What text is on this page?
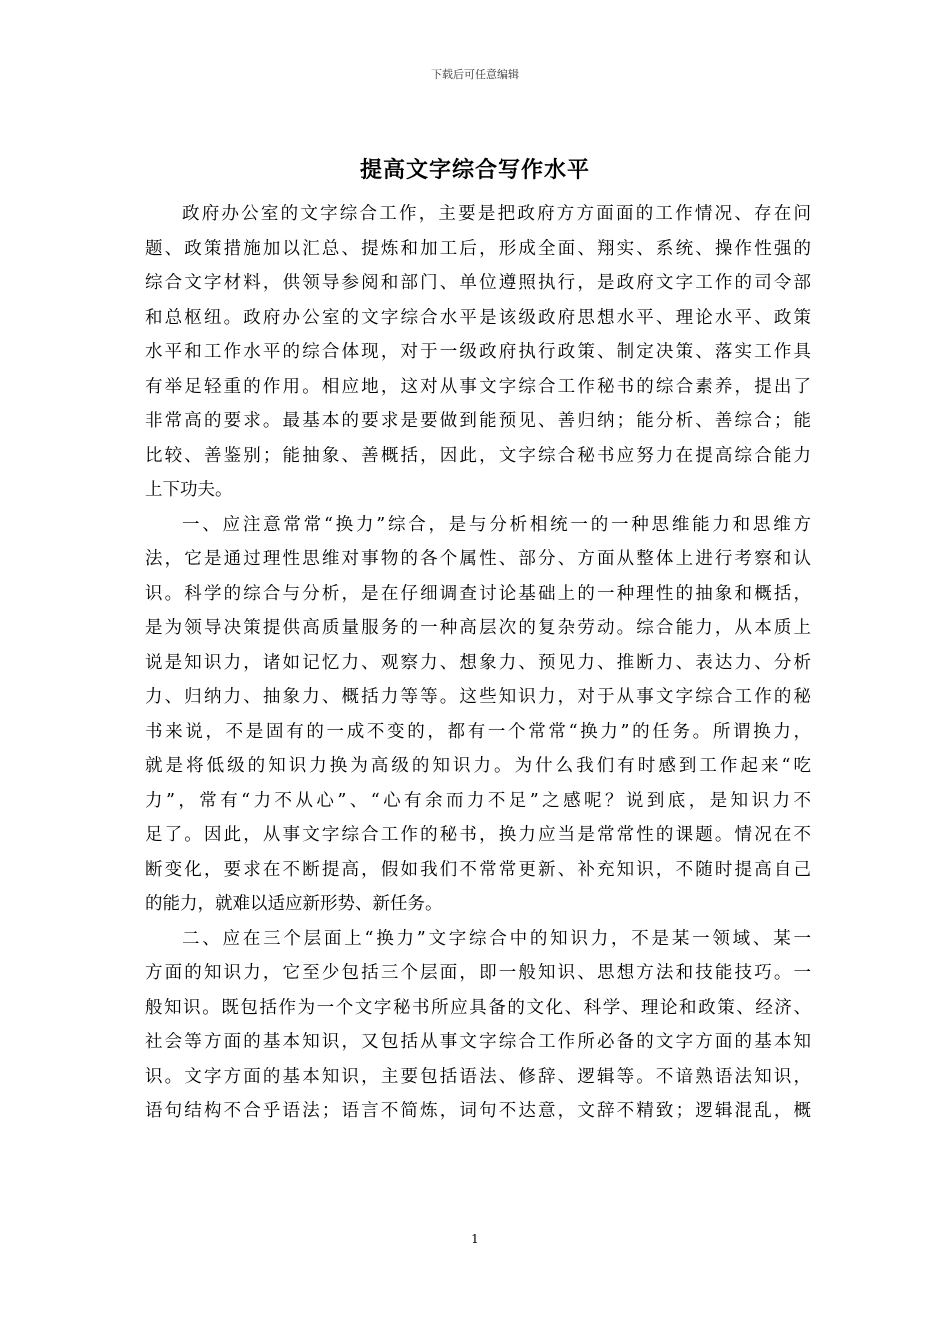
下载后可任意编辑
提高文字综合写作水平
政府办公室的文字综合工作，主要是把政府方方面面的工作情况、存在问
题、政策措施加以汇总、提炼和加工后，形成全面、翔实、系统、操作性强的
综合文字材料，供领导参阅和部门、单位遵照执行，是政府文字工作的司令部
和总枢纽。政府办公室的文字综合水平是该级政府思想水平、理论水平、政策
水平和工作水平的综合体现，对于一级政府执行政策、制定决策、落实工作具
有举足轻重的作用。相应地，这对从事文字综合工作秘书的综合素养，提出了
非常高的要求。最基本的要求是要做到能预见、善归纳；能分析、善综合；能
比较、善鉴别；能抽象、善概括，因此，文字综合秘书应努力在提高综合能力
上下功夫。
一、应注意常常“换力”综合，是与分析相统一的一种思维能力和思维方
法，它是通过理性思维对事物的各个属性、部分、方面从整体上进行考察和认
识。科学的综合与分析，是在仔细调查讨论基础上的一种理性的抽象和概括，
是为领导决策提供高质量服务的一种高层次的复杂劳动。综合能力，从本质上
说是知识力，诸如记忆力、观察力、想象力、预见力、推断力、表达力、分析
力、归纳力、抽象力、概括力等等。这些知识力，对于从事文字综合工作的秘
书来说，不是固有的一成不变的，都有一个常常“换力”的任务。所谓换力，
就是将低级的知识力换为高级的知识力。为什么我们有时感到工作起来“吃
力”，常有“力不从心”、“心有余而力不足”之感呢？说到底，是知识力不
足了。因此，从事文字综合工作的秘书，换力应当是常常性的课题。情况在不
断变化，要求在不断提高，假如我们不常常更新、补充知识，不随时提高自己
的能力，就难以适应新形势、新任务。
二、应在三个层面上“换力”文字综合中的知识力，不是某一领域、某一
方面的知识力，它至少包括三个层面，即一般知识、思想方法和技能技巧。一
般知识。既包括作为一个文字秘书所应具备的文化、科学、理论和政策、经济、
社会等方面的基本知识，又包括从事文字综合工作所必备的文字方面的基本知
识。文字方面的基本知识，主要包括语法、修辞、逻辑等。不谙熟语法知识，
语句结构不合乎语法；语言不简炼，词句不达意，文辞不精致；逻辑混乱，概
1
